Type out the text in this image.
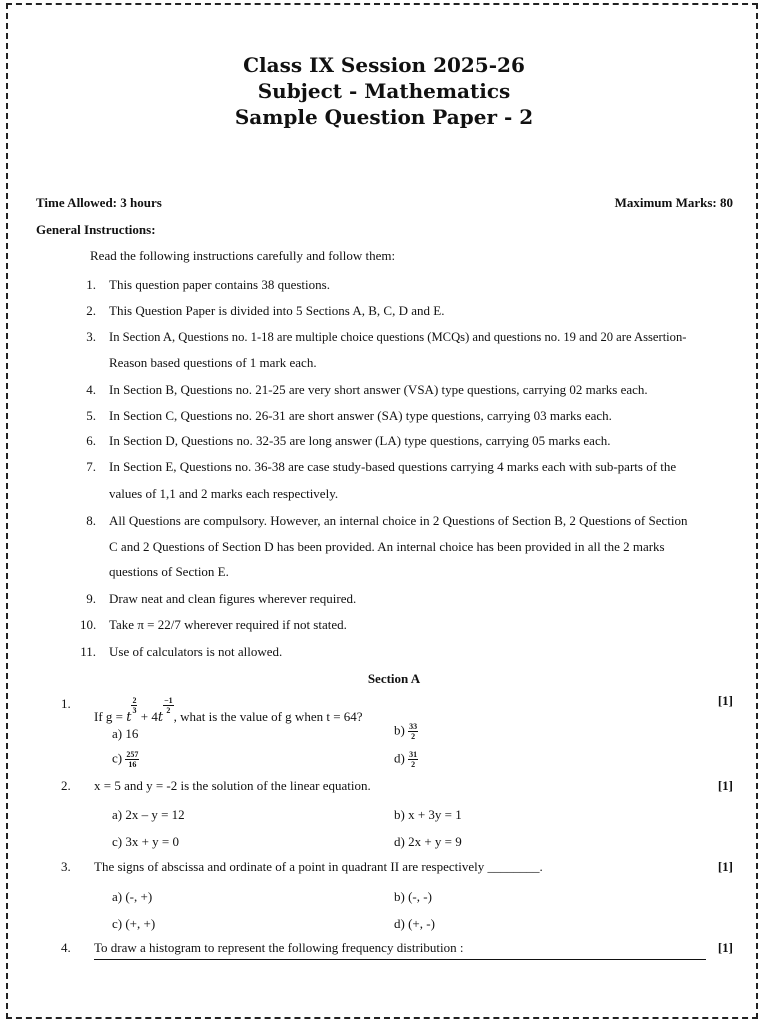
Class IX Session 2025-26
Subject - Mathematics
Sample Question Paper - 2
Time Allowed: 3 hours	Maximum Marks: 80
General Instructions:
Read the following instructions carefully and follow them:
1. This question paper contains 38 questions.
2. This Question Paper is divided into 5 Sections A, B, C, D and E.
3. In Section A, Questions no. 1-18 are multiple choice questions (MCQs) and questions no. 19 and 20 are Assertion-
Reason based questions of 1 mark each.
4. In Section B, Questions no. 21-25 are very short answer (VSA) type questions, carrying 02 marks each.
5. In Section C, Questions no. 26-31 are short answer (SA) type questions, carrying 03 marks each.
6. In Section D, Questions no. 32-35 are long answer (LA) type questions, carrying 05 marks each.
7. In Section E, Questions no. 36-38 are case study-based questions carrying 4 marks each with sub-parts of the
values of 1,1 and 2 marks each respectively.
8. All Questions are compulsory. However, an internal choice in 2 Questions of Section B, 2 Questions of Section
C and 2 Questions of Section D has been provided. An internal choice has been provided in all the 2 marks
questions of Section E.
9. Draw neat and clean figures wherever required.
10. Take π = 22/7 wherever required if not stated.
11. Use of calculators is not allowed.
Section A
1.
If g = t
$\frac{2}{3}$
+ 4t
$\frac{-1}{2}$
, what is the value of g when t = 64?
[1]
a) 16	$b) \frac{33}{2}$
$c) \frac{257}{16}$	$d) \frac{31}{2}$
2. x = 5 and y = -2 is the solution of the linear equation.	[1]
a) 2x – y = 12	b) x + 3y = 1
c) 3x + y = 0	d) 2x + y = 9
3. The signs of abscissa and ordinate of a point in quadrant II are respectively ________.	[1]
a) (-, +)	b) (-, -)
c) (+, +)	d) (+, -)
4. To draw a histogram to represent the following frequency distribution :	[1]
